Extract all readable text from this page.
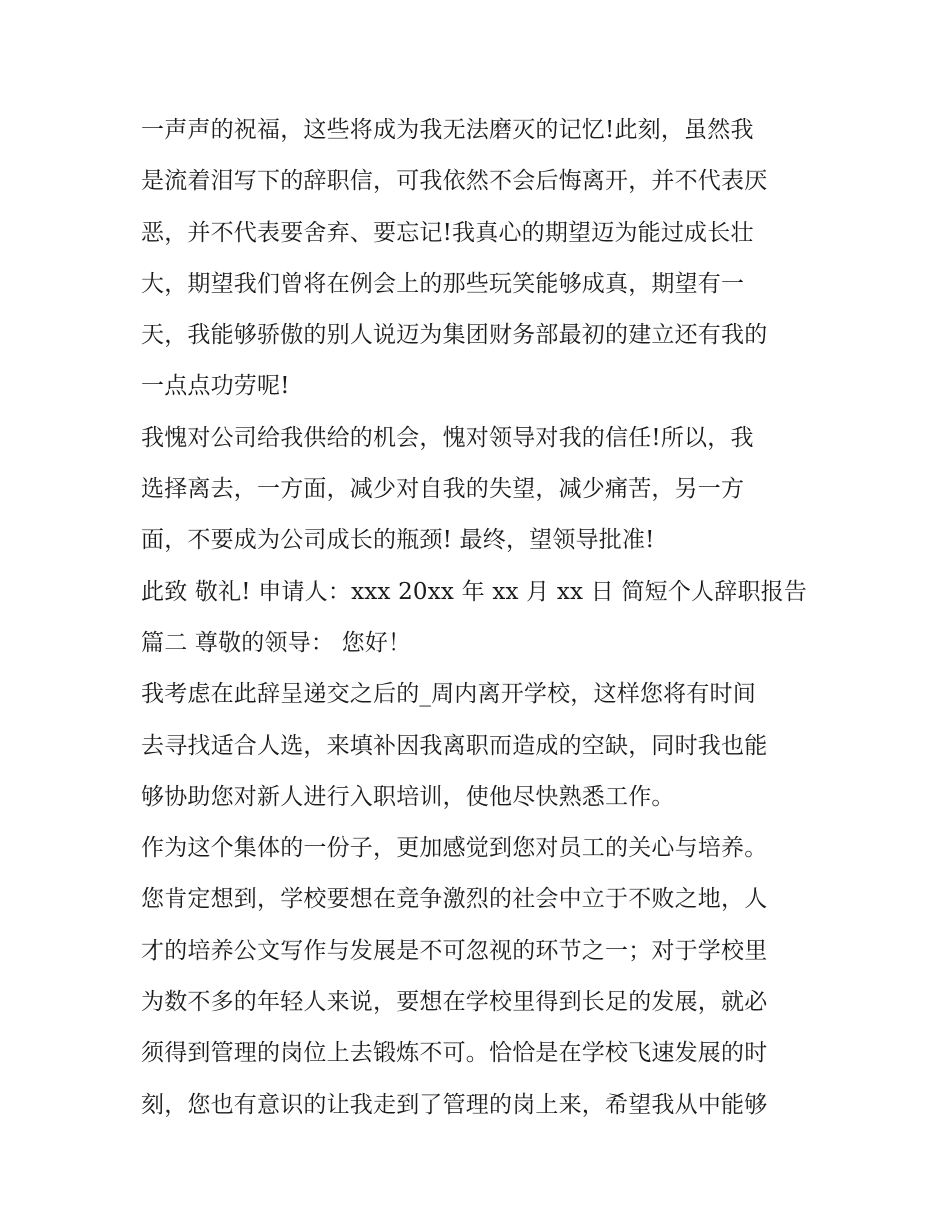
一声声的祝福，这些将成为我无法磨灭的记忆!此刻，虽然我
是流着泪写下的辞职信，可我依然不会后悔离开，并不代表厌
恶，并不代表要舍弃、要忘记!我真心的期望迈为能过成长壮
大，期望我们曾将在例会上的那些玩笑能够成真，期望有一
天，我能够骄傲的别人说迈为集团财务部最初的建立还有我的
一点点功劳呢!
我愧对公司给我供给的机会，愧对领导对我的信任!所以，我
选择离去，一方面，减少对自我的失望，减少痛苦，另一方
面，不要成为公司成长的瓶颈! 最终，望领导批准!
此致 敬礼! 申请人：xxx 20xx 年 xx 月 xx 日 简短个人辞职报告
篇二 尊敬的领导： 您好！
我考虑在此辞呈递交之后的_周内离开学校，这样您将有时间
去寻找适合人选，来填补因我离职而造成的空缺，同时我也能
够协助您对新人进行入职培训，使他尽快熟悉工作。
作为这个集体的一份子，更加感觉到您对员工的关心与培养。
您肯定想到，学校要想在竞争激烈的社会中立于不败之地，人
才的培养公文写作与发展是不可忽视的环节之一；对于学校里
为数不多的年轻人来说，要想在学校里得到长足的发展，就必
须得到管理的岗位上去锻炼不可。恰恰是在学校飞速发展的时
刻，您也有意识的让我走到了管理的岗上来，希望我从中能够
